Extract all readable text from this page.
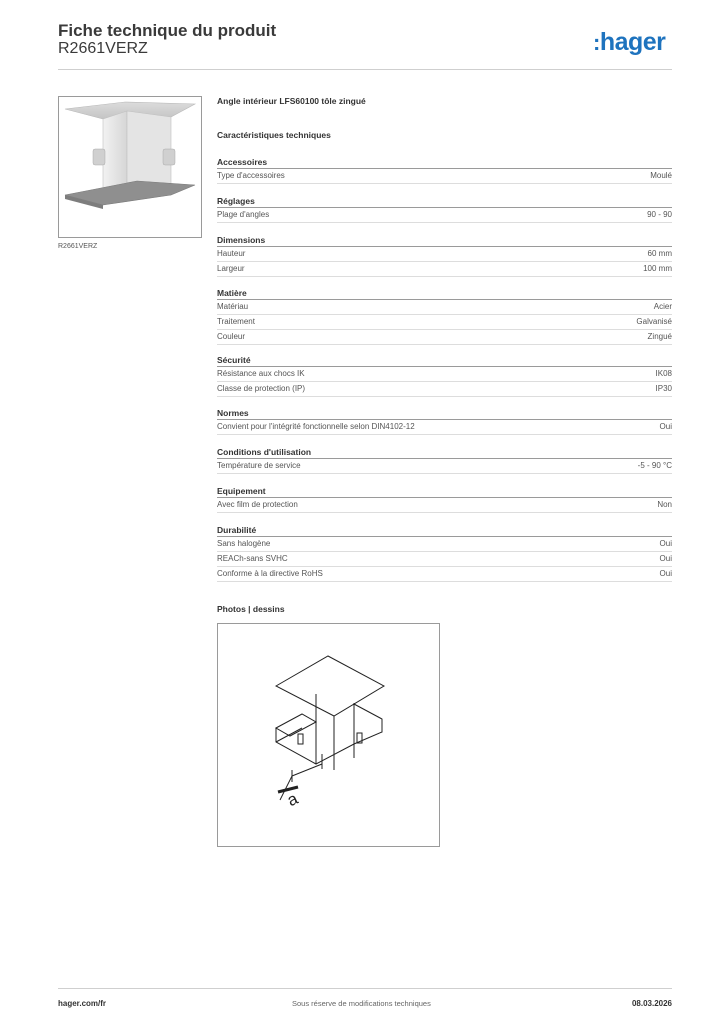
Fiche technique du produit
R2661VERZ	:hager
R2661VERZ
Angle intérieur LFS60100 tôle zingué
Caractéristiques techniques
Accessoires
Type d'accessoires	Moulé
Réglages
Plage d'angles	90 - 90
Dimensions
Hauteur	60 mm
Largeur	100 mm
Matière
Matériau	Acier
Traitement	Galvanisé
Couleur	Zingué
Sécurité
Résistance aux chocs IK	IK08
Classe de protection (IP)	IP30
Normes
Convient pour l'intégrité fonctionnelle selon DIN4102-12	Oui
Conditions d'utilisation
Température de service	-5 - 90 °C
Equipement
Avec film de protection	Non
Durabilité
Sans halogène	Oui
REACh-sans SVHC	Oui
Conforme à la directive RoHS	Oui
Photos | dessins
a
hager.com/fr	Sous réserve de modifications techniques	08.03.2026
